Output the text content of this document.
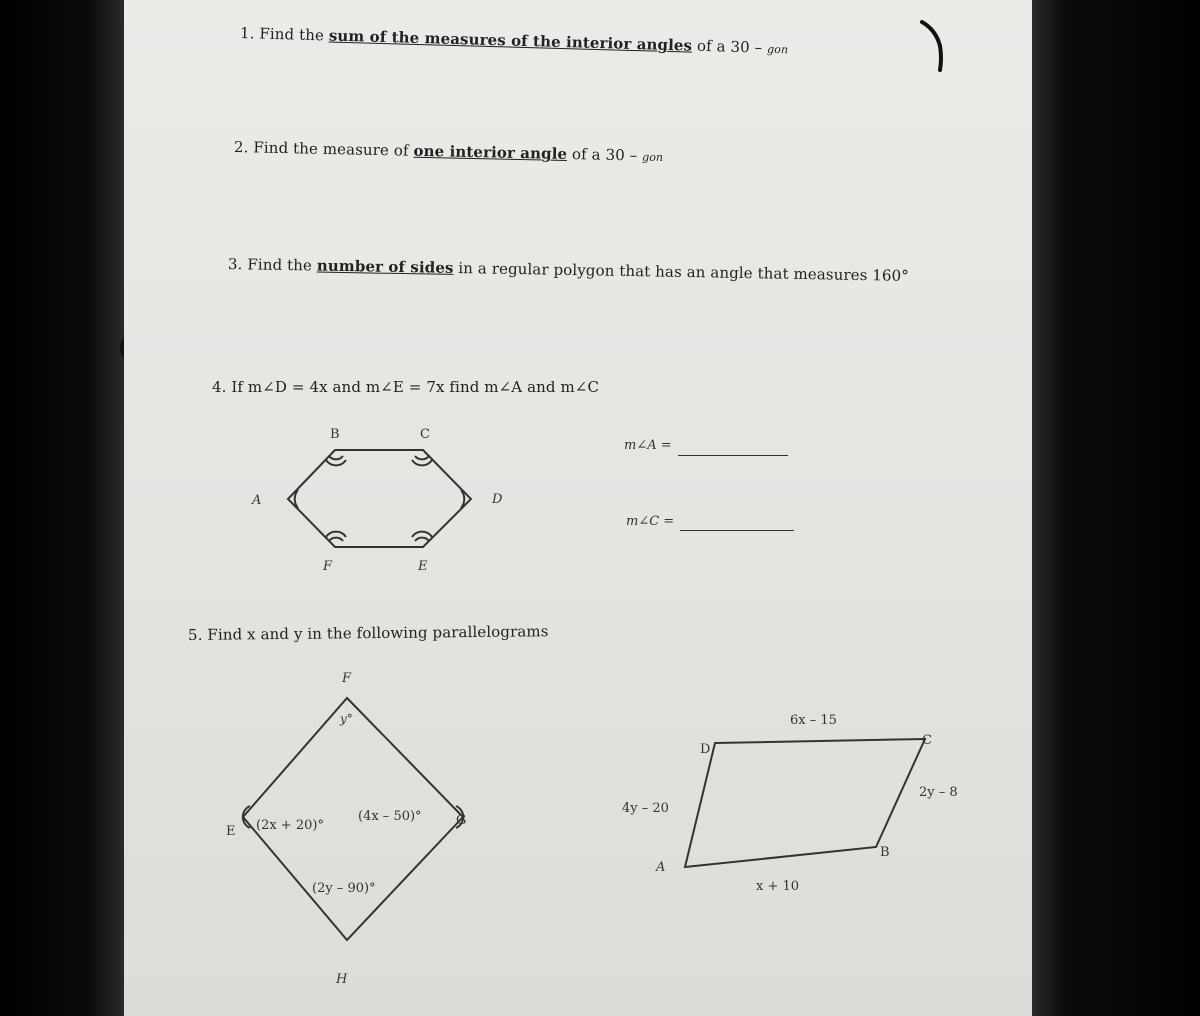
1. Find the sum of the measures of the interior angles of a 30 – gon

2. Find the measure of one interior angle of a 30 – gon

3. Find the number of sides in a regular polygon that has an angle that measures 160°

4. If m∠D = 4x and m∠E = 7x find m∠A and m∠C

B	C
A	D
F	E
m∠A =
m∠C =

5. Find x and y in the following parallelograms

F
y°
E (2x + 20)°
(4x – 50)°	G
(2y – 90)°
H
6x – 15
D
C
2y – 8
4y – 20
B
A
x + 10
